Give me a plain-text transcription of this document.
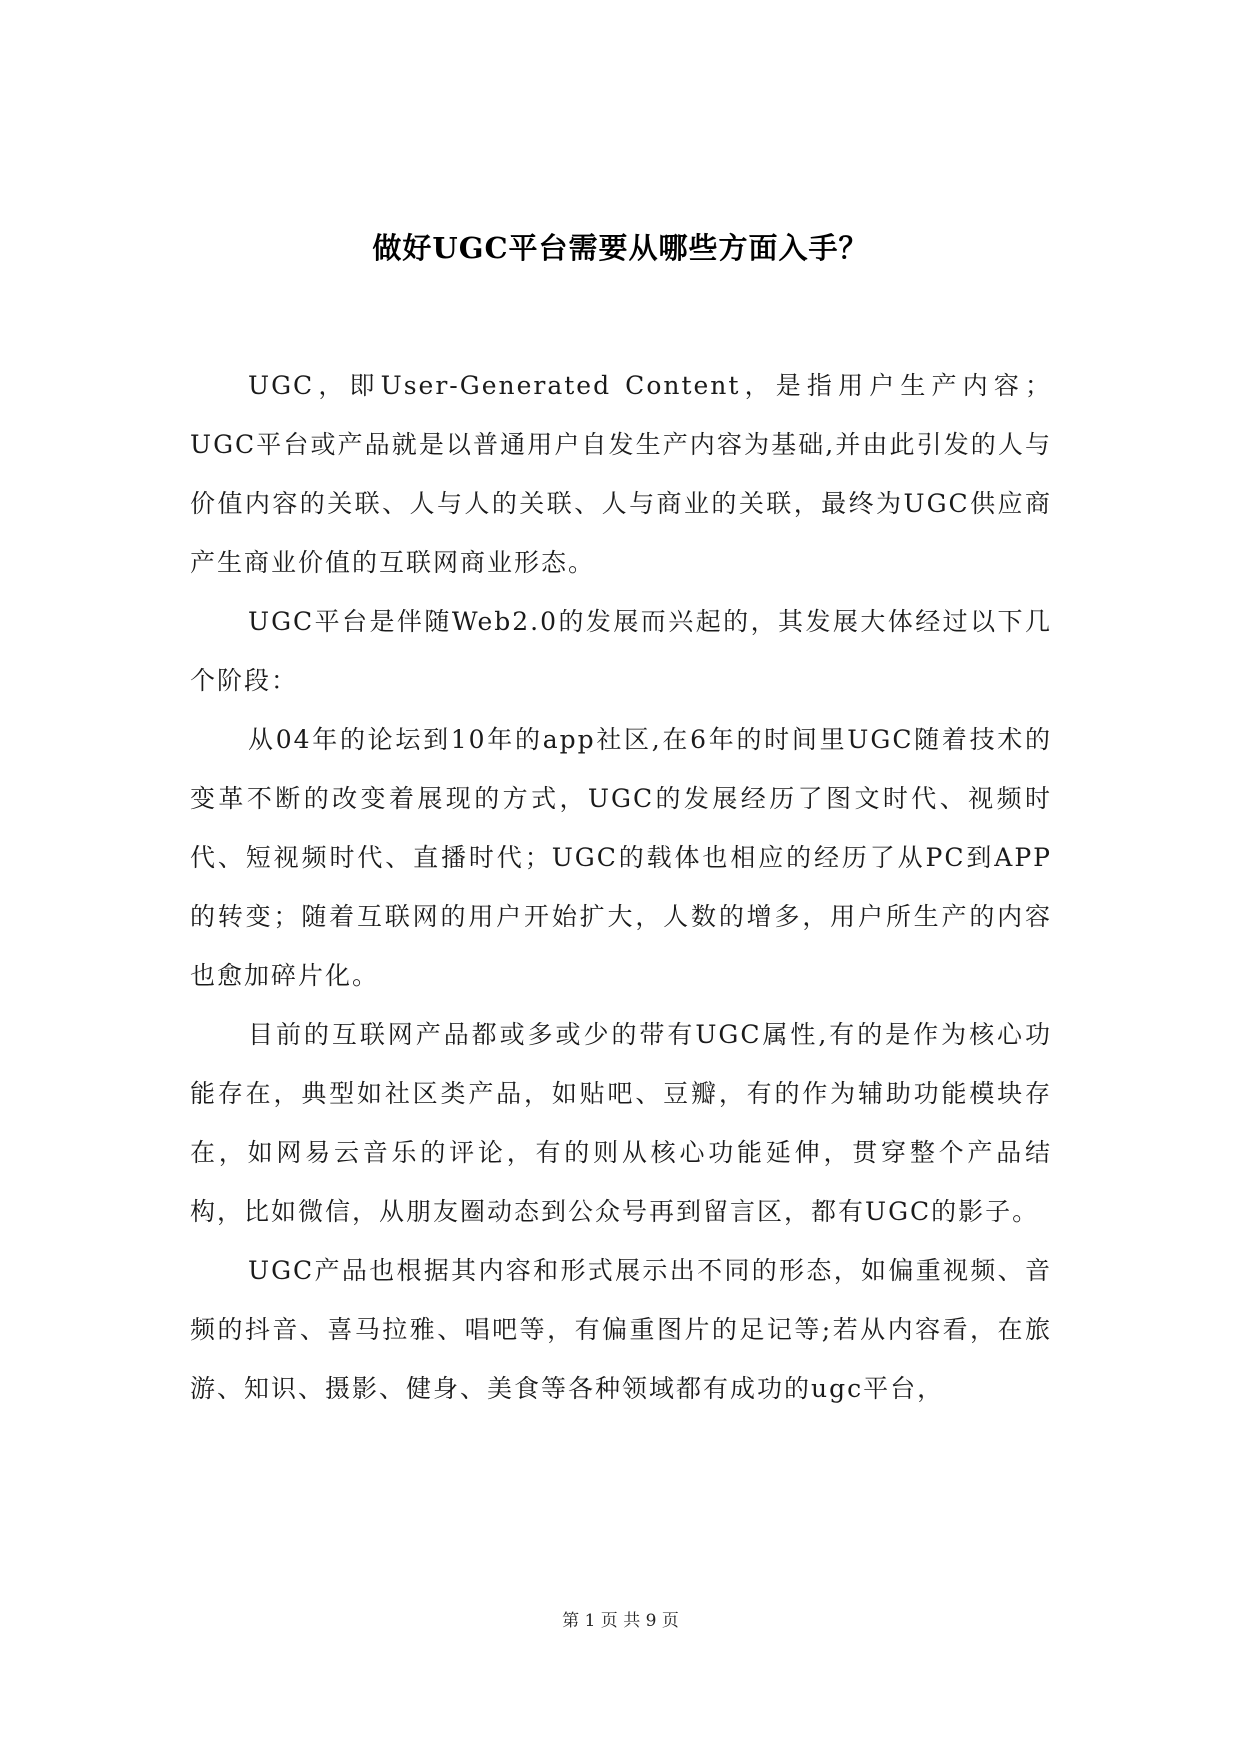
做好UGC平台需要从哪些方面入手？

UGC，即User-Generated Content，是指用户生产内容；UGC平台或产品就是以普通用户自发生产内容为基础,并由此引发的人与价值内容的关联、人与人的关联、人与商业的关联，最终为UGC供应商产生商业价值的互联网商业形态。

UGC平台是伴随Web2.0的发展而兴起的，其发展大体经过以下几个阶段：

从04年的论坛到10年的app社区,在6年的时间里UGC随着技术的变革不断的改变着展现的方式，UGC的发展经历了图文时代、视频时代、短视频时代、直播时代；UGC的载体也相应的经历了从PC到APP的转变；随着互联网的用户开始扩大，人数的增多，用户所生产的内容也愈加碎片化。

目前的互联网产品都或多或少的带有UGC属性,有的是作为核心功能存在，典型如社区类产品，如贴吧、豆瓣，有的作为辅助功能模块存在，如网易云音乐的评论，有的则从核心功能延伸，贯穿整个产品结构，比如微信，从朋友圈动态到公众号再到留言区，都有UGC的影子。

UGC产品也根据其内容和形式展示出不同的形态，如偏重视频、音频的抖音、喜马拉雅、唱吧等，有偏重图片的足记等;若从内容看，在旅游、知识、摄影、健身、美食等各种领域都有成功的ugc平台，

第 1 页 共 9 页
